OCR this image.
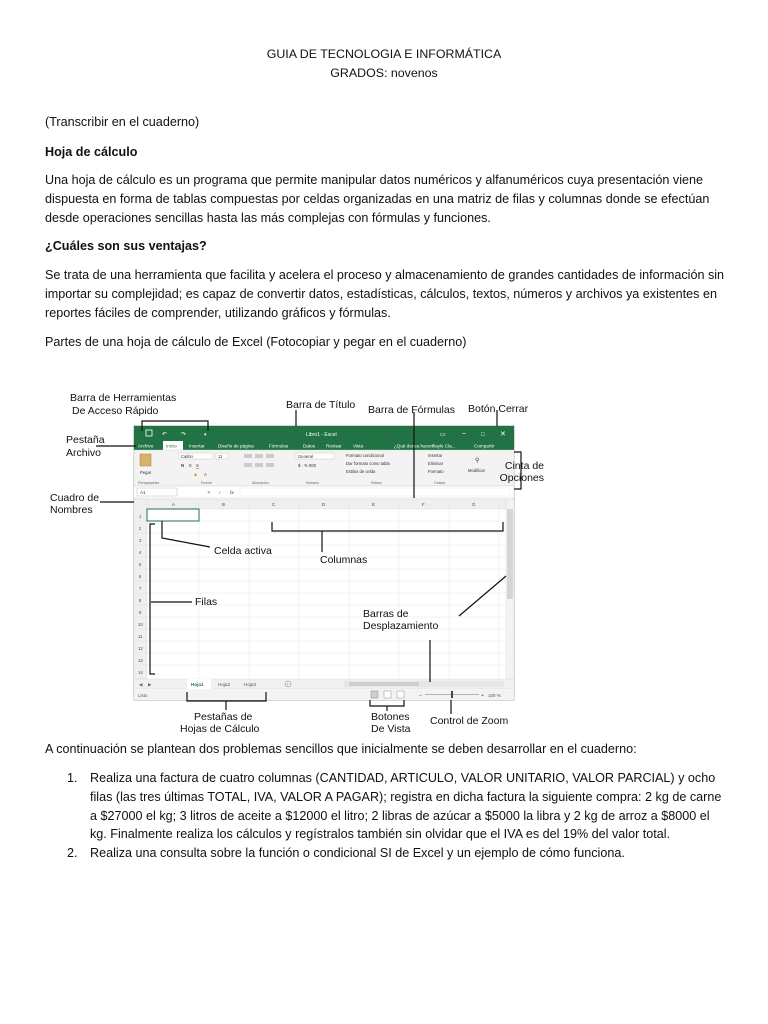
GUIA DE TECNOLOGIA E INFORMÁTICA
GRADOS: novenos

(Transcribir en el cuaderno)

Hoja de cálculo

Una hoja de cálculo es un programa que permite manipular datos numéricos y alfanuméricos cuya presentación viene dispuesta en forma de tablas compuestas por celdas organizadas en una matriz de filas y columnas donde se efectúan desde operaciones sencillas hasta las más complejas con fórmulas y funciones.

¿Cuáles son sus ventajas?

Se trata de una herramienta que facilita y acelera el proceso y almacenamiento de grandes cantidades de información sin importar su complejidad; es capaz de convertir datos, estadísticas, cálculos, textos, números y archivos ya existentes en reportes fáciles de comprender, utilizando gráficos y fórmulas.

Partes de una hoja de cálculo de Excel (Fotocopiar y pegar en el cuaderno)

Libro1 - Excel	✕
□
–
▭
↶ ↷	▾
Archivo	Inicio	Insertar	Diseño de página	Fórmulas	Datos Revisar Vista	¿Qué desea hacer?
Kaylo Cla...	Compartir
Pegar
Calibri	11
N K S
◆ A
General
$ - % 000
Formato condicional
Dar formato como tabla
Estilos de celda
Insertar
Eliminar
Formato
⚲
Modificar
Portapapeles	Fuente	Alineación	Número	Estilos	Celdas
A1	✕ ✓ fx
A	B	C	D	E	F	G
1
2
3
4
5
6
7
8
9
10
11
12
13
14
◀ ▶	Hoja1	Hoja2	Hoja3	+
Listo	–	+ 100 %
Barra de Herramientas
De Acceso Rápido	Barra de Título Barra de Fórmulas Botón Cerrar
Pestaña
Archivo
Cinta de
Opciones
Cuadro de
Nombres
Celda activa
Columnas
Filas
Barras de
Desplazamiento
Pestañas de
Hojas de Cálculo
Botones
De Vista
Control de Zoom

A continuación se plantean dos problemas sencillos que inicialmente se deben desarrollar en el cuaderno:

1. Realiza una factura de cuatro columnas (CANTIDAD, ARTICULO, VALOR UNITARIO, VALOR PARCIAL) y ocho filas (las tres últimas TOTAL, IVA, VALOR A PAGAR); registra en dicha factura la siguiente compra: 2 kg de carne a $27000 el kg; 3 litros de aceite a $12000 el litro; 2 libras de azúcar a $5000 la libra y 2 kg de arroz a $8000 el kg. Finalmente realiza los cálculos y regístralos también sin olvidar que el IVA es del 19% del valor total.
2. Realiza una consulta sobre la función o condicional SI de Excel y un ejemplo de cómo funciona.
